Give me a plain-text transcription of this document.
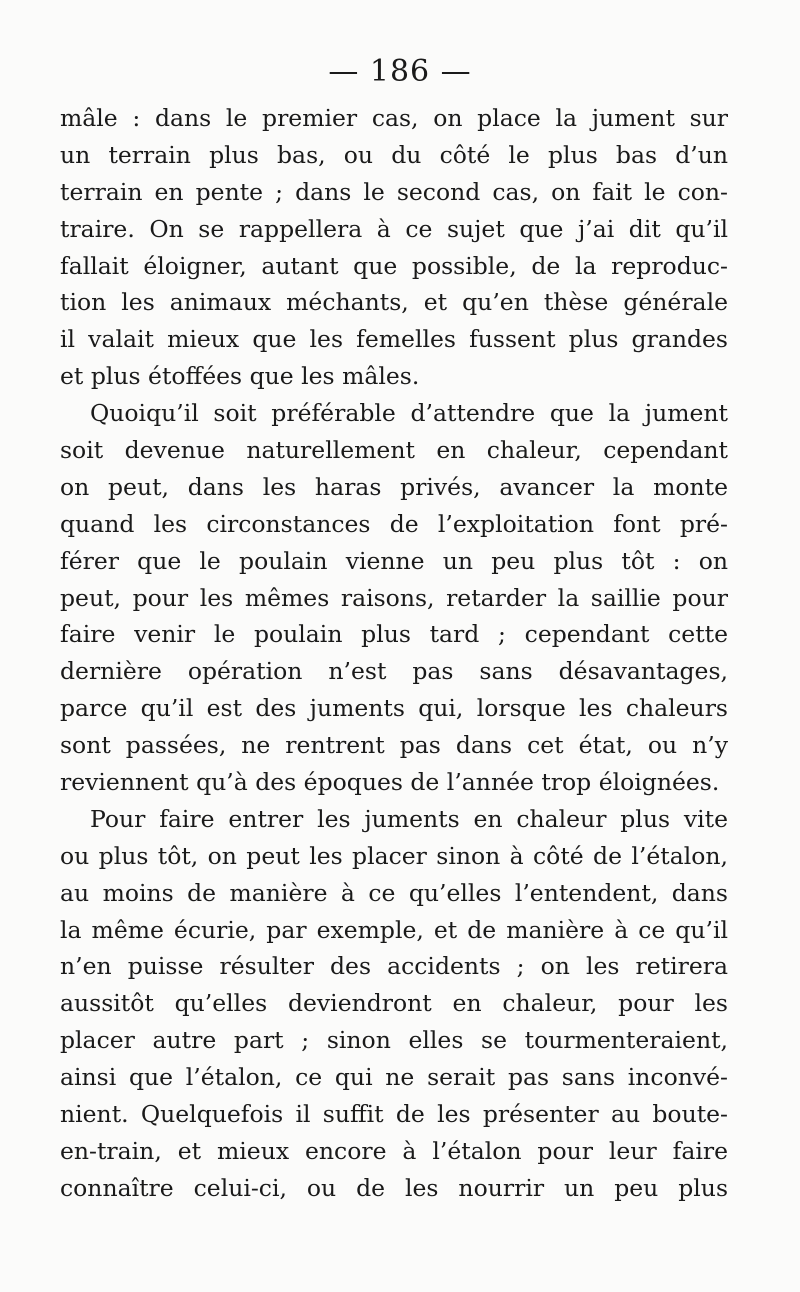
— 186 —
mâle : dans le premier cas, on place la jument sur
un terrain plus bas, ou du côté le plus bas d’un
terrain en pente ; dans le second cas, on fait le con-
traire. On se rappellera à ce sujet que j’ai dit qu’il
fallait éloigner, autant que possible, de la reproduc-
tion les animaux méchants, et qu’en thèse générale
il valait mieux que les femelles fussent plus grandes
et plus étoffées que les mâles.
Quoiqu’il soit préférable d’attendre que la jument
soit devenue naturellement en chaleur, cependant
on peut, dans les haras privés, avancer la monte
quand les circonstances de l’exploitation font pré-
férer que le poulain vienne un peu plus tôt : on
peut, pour les mêmes raisons, retarder la saillie pour
faire venir le poulain plus tard ; cependant cette
dernière opération n’est pas sans désavantages,
parce qu’il est des juments qui, lorsque les chaleurs
sont passées, ne rentrent pas dans cet état, ou n’y
reviennent qu’à des époques de l’année trop éloignées.
Pour faire entrer les juments en chaleur plus vite
ou plus tôt, on peut les placer sinon à côté de l’étalon,
au moins de manière à ce qu’elles l’entendent, dans
la même écurie, par exemple, et de manière à ce qu’il
n’en puisse résulter des accidents ; on les retirera
aussitôt qu’elles deviendront en chaleur, pour les
placer autre part ; sinon elles se tourmenteraient,
ainsi que l’étalon, ce qui ne serait pas sans inconvé-
nient. Quelquefois il suffit de les présenter au boute-
en-train, et mieux encore à l’étalon pour leur faire
connaître celui-ci, ou de les nourrir un peu plus
